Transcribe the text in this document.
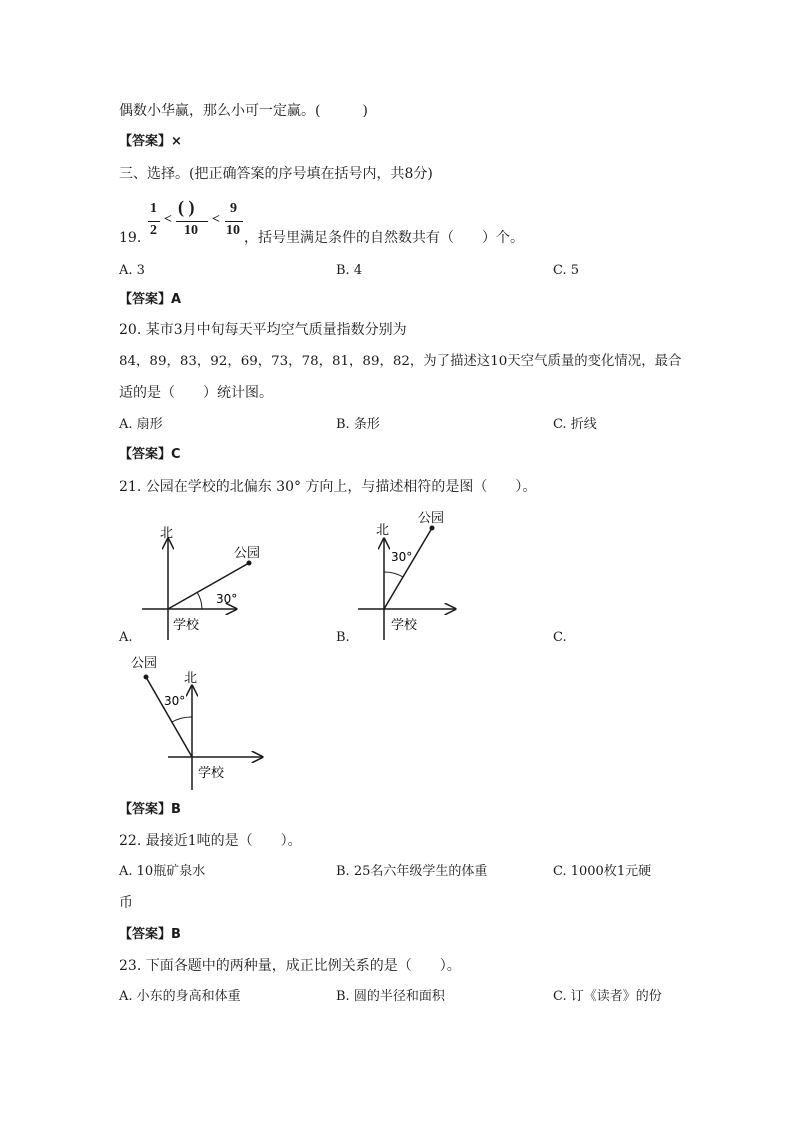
偶数小华赢，那么小可一定赢。(　　　)
【答案】×
三、选择。(把正确答案的序号填在括号内，共8分)
19.
1
2
<
( )
10
<
9
10 ，括号里满足条件的自然数共有（　　）个。
A. 3	B. 4	C. 5
【答案】A
20. 某市3月中旬每天平均空气质量指数分别为
84，89，83，92，69，73，78，81，89，82，为了描述这10天空气质量的变化情况，最合
适的是（　　）统计图。
A. 扇形	B. 条形	C. 折线
【答案】C
21. 公园在学校的北偏东 30° 方向上，与描述相符的是图（　　）。
北
公园
30°
学校
北
公园
30°
学校
北
公园
30°
学校
A.	B.	C.
【答案】B
22. 最接近1吨的是（　　）。
A. 10瓶矿泉水	B. 25名六年级学生的体重	C. 1000枚1元硬
币
【答案】B
23. 下面各题中的两种量，成正比例关系的是（　　）。
A. 小东的身高和体重	B. 圆的半径和面积	C. 订《读者》的份
